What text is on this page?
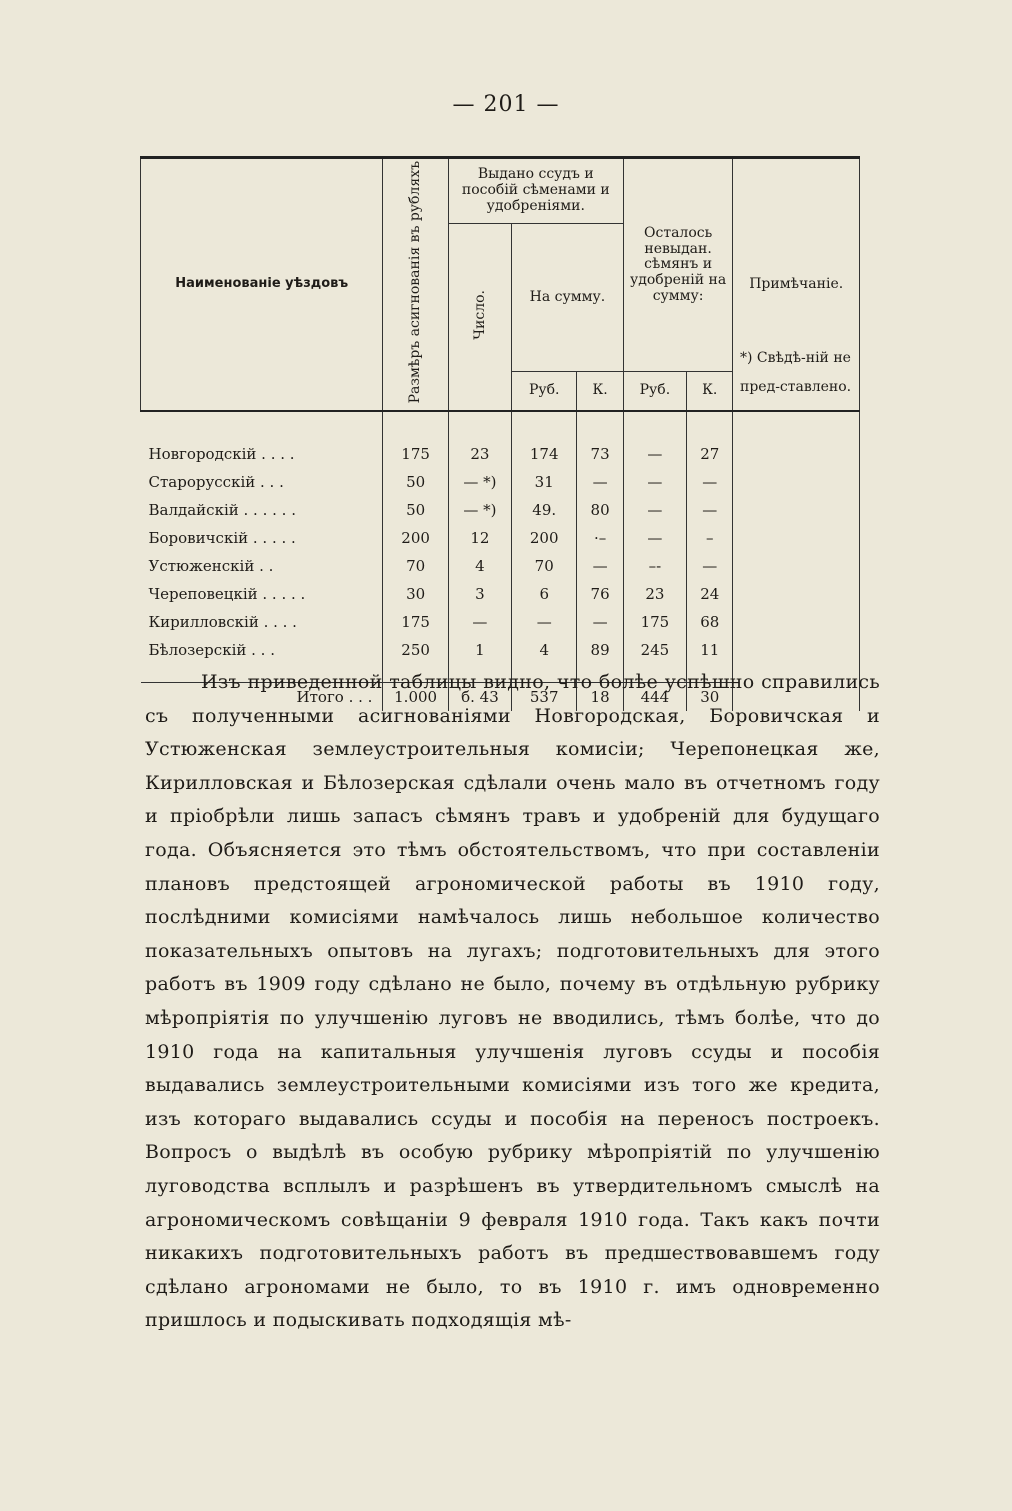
— 201 —
Наименованіе уѣздовъ	Размѣръ асигнованія въ рубляхъ	Выдано ссудъ и пособій сѣменами и удобреніями.			Осталось невыдан. сѣмянъ и удобреній на сумму:		Примѣчаніе.
		Число.	На сумму.				
			Руб.	К.	Руб.	К.	

Новгородскій . . . .	175	23	174	73	—	27	
Старорусскій . . .	50	— *)	31	—	—	—	
Валдайскій . . . . . .	50	— *)	49.	80	—	—	
Боровичскій . . . . .	200	12	200	·–	—	–	
Устюженскій . .	70	4	70	—	–-	—	
Череповецкій . . . . .	30	3	6	76	23	24	
Кирилловскій . . . .	175	—	—	—	175	68	
Бѣлозерскій . . .	250	1	4	89	245	11	

Итого . . .	1.000	б. 43	537	18	444	30	
*) Свѣдѣ-ній не пред-ставлено.
Изъ приведенной таблицы видно, что болѣе успѣшно справились съ полученными асигнованіями Новгородская, Боровичская и Устюженская землеустроительныя комисіи; Черепонецкая же, Кирилловская и Бѣлозерская сдѣлали очень мало въ отчетномъ году и пріобрѣли лишь запасъ сѣмянъ травъ и удобреній для будущаго года. Объясняется это тѣмъ обстоятельствомъ, что при составленіи плановъ предстоящей агрономической работы въ 1910 году, послѣдними комисіями намѣчалось лишь небольшое количество показательныхъ опытовъ на лугахъ; подготовительныхъ для этого работъ въ 1909 году сдѣлано не было, почему въ отдѣльную рубрику мѣропріятія по улучшенію луговъ не вводились, тѣмъ болѣе, что до 1910 года на капитальныя улучшенія луговъ ссуды и пособія выдавались землеустроительными комисіями изъ того же кредита, изъ котораго выдавались ссуды и пособія на переносъ построекъ. Вопросъ о выдѣлѣ въ особую рубрику мѣропріятій по улучшенію луговодства всплылъ и разрѣшенъ въ утвердительномъ смыслѣ на агрономическомъ совѣщаніи 9 февраля 1910 года. Такъ какъ почти никакихъ подготовительныхъ работъ въ предшествовавшемъ году сдѣлано агрономами не было, то въ 1910 г. имъ одновременно пришлось и подыскивать подходящія мѣ-
